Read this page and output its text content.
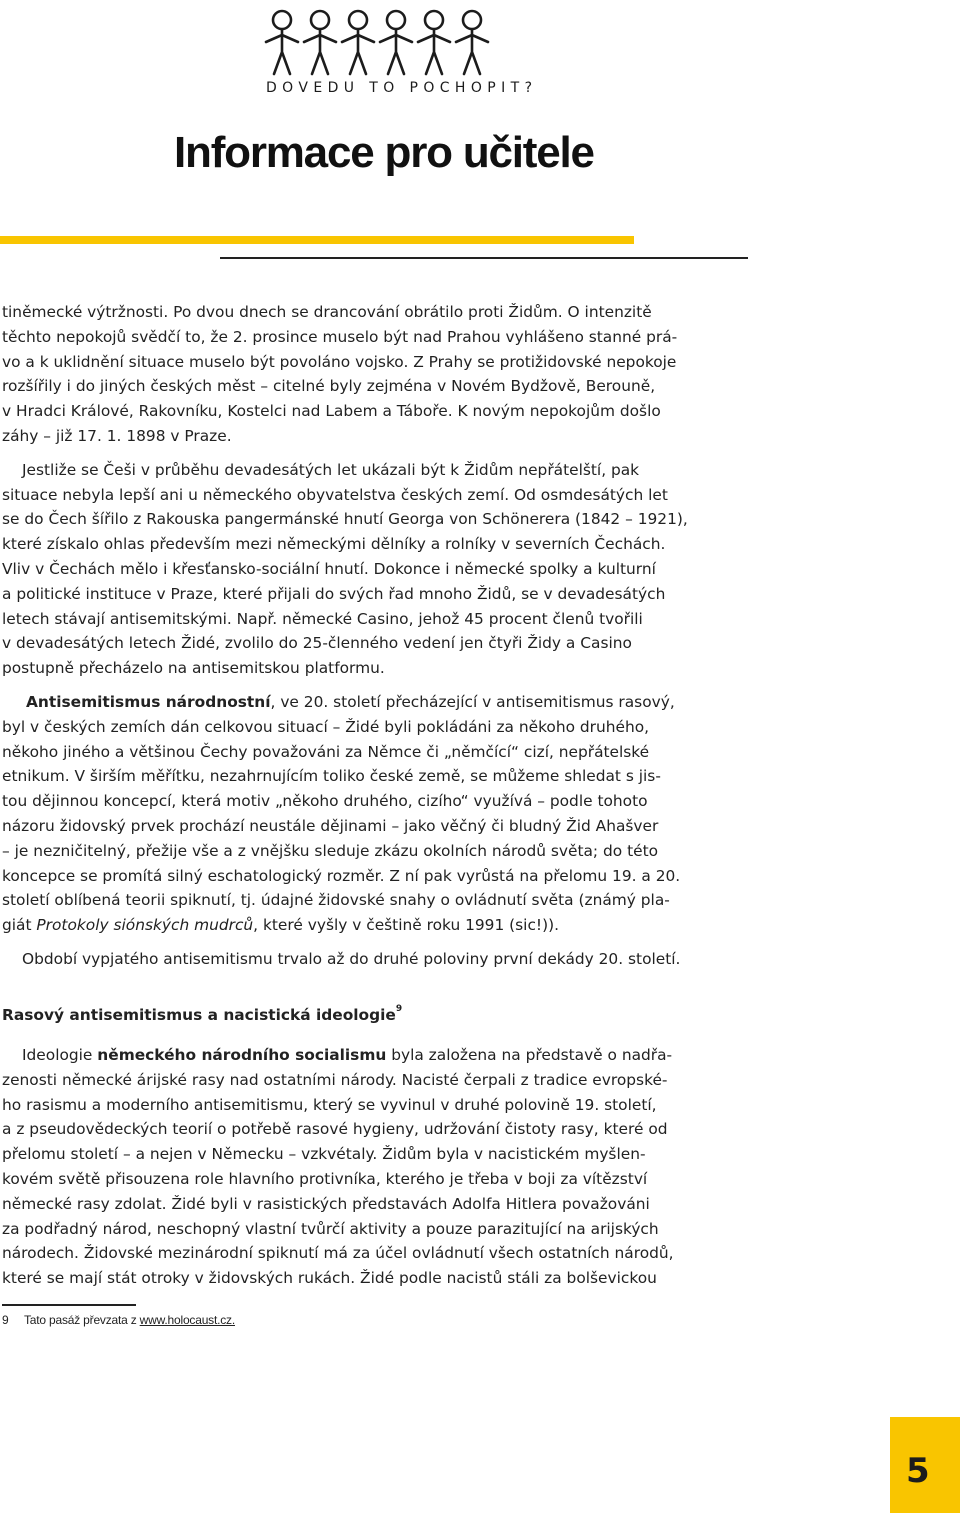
DOVEDU TO POCHOPIT?
Informace pro učitele

tiněmecké výtržnosti. Po dvou dnech se drancování obrátilo proti Židům. O intenzitě
těchto nepokojů svědčí to, že 2. prosince muselo být nad Prahou vyhlášeno stanné prá-
vo a k uklidnění situace muselo být povoláno vojsko. Z Prahy se protižidovské nepokoje
rozšířily i do jiných českých měst – citelné byly zejména v Novém Bydžově, Berouně,
v Hradci Králové, Rakovníku, Kostelci nad Labem a Táboře. K novým nepokojům došlo
záhy – již 17. 1. 1898 v Praze.

Jestliže se Češi v průběhu devadesátých let ukázali být k Židům nepřátelští, pak
situace nebyla lepší ani u německého obyvatelstva českých zemí. Od osmdesátých let
se do Čech šířilo z Rakouska pangermánské hnutí Georga von Schönerera (1842 – 1921),
které získalo ohlas především mezi německými dělníky a rolníky v severních Čechách.
Vliv v Čechách mělo i křesťansko-sociální hnutí. Dokonce i německé spolky a kulturní
a politické instituce v Praze, které přijali do svých řad mnoho Židů, se v devadesátých
letech stávají antisemitskými. Např. německé Casino, jehož 45 procent členů tvořili
v devadesátých letech Židé, zvolilo do 25-členného vedení jen čtyři Židy a Casino
postupně přecházelo na antisemitskou platformu.

Antisemitismus národnostní, ve 20. století přecházející v antisemitismus rasový,
byl v českých zemích dán celkovou situací – Židé byli pokládáni za někoho druhého,
někoho jiného a většinou Čechy považováni za Němce či „němčící“ cizí, nepřátelské
etnikum. V širším měřítku, nezahrnujícím toliko české země, se můžeme shledat s jis-
tou dějinnou koncepcí, která motiv „někoho druhého, cizího“ využívá – podle tohoto
názoru židovský prvek prochází neustále dějinami – jako věčný či bludný Žid Ahašver
– je nezničitelný, přežije vše a z vnějšku sleduje zkázu okolních národů světa; do této
koncepce se promítá silný eschatologický rozměr. Z ní pak vyrůstá na přelomu 19. a 20.
století oblíbená teorii spiknutí, tj. údajné židovské snahy o ovládnutí světa (známý pla-
giát Protokoly siónských mudrců, které vyšly v češtině roku 1991 (sic!)).

Období vypjatého antisemitismu trvalo až do druhé poloviny první dekády 20. století.

Rasový antisemitismus a nacistická ideologie$^9$

Ideologie německého národního socialismu byla založena na představě o nadřa-
zenosti německé árijské rasy nad ostatními národy. Nacisté čerpali z tradice evropské-
ho rasismu a moderního antisemitismu, který se vyvinul v druhé polovině 19. století,
a z pseudovědeckých teorií o potřebě rasové hygieny, udržování čistoty rasy, které od
přelomu století – a nejen v Německu – vzkvétaly. Židům byla v nacistickém myšlen-
kovém světě přisouzena role hlavního protivníka, kterého je třeba v boji za vítězství
německé rasy zdolat. Židé byli v rasistických představách Adolfa Hitlera považováni
za podřadný národ, neschopný vlastní tvůrčí aktivity a pouze parazitující na arijských
národech. Židovské mezinárodní spiknutí má za účel ovládnutí všech ostatních národů,
které se mají stát otroky v židovských rukách. Židé podle nacistů stáli za bolševickou

9 Tato pasáž převzata z www.holocaust.cz.
5
